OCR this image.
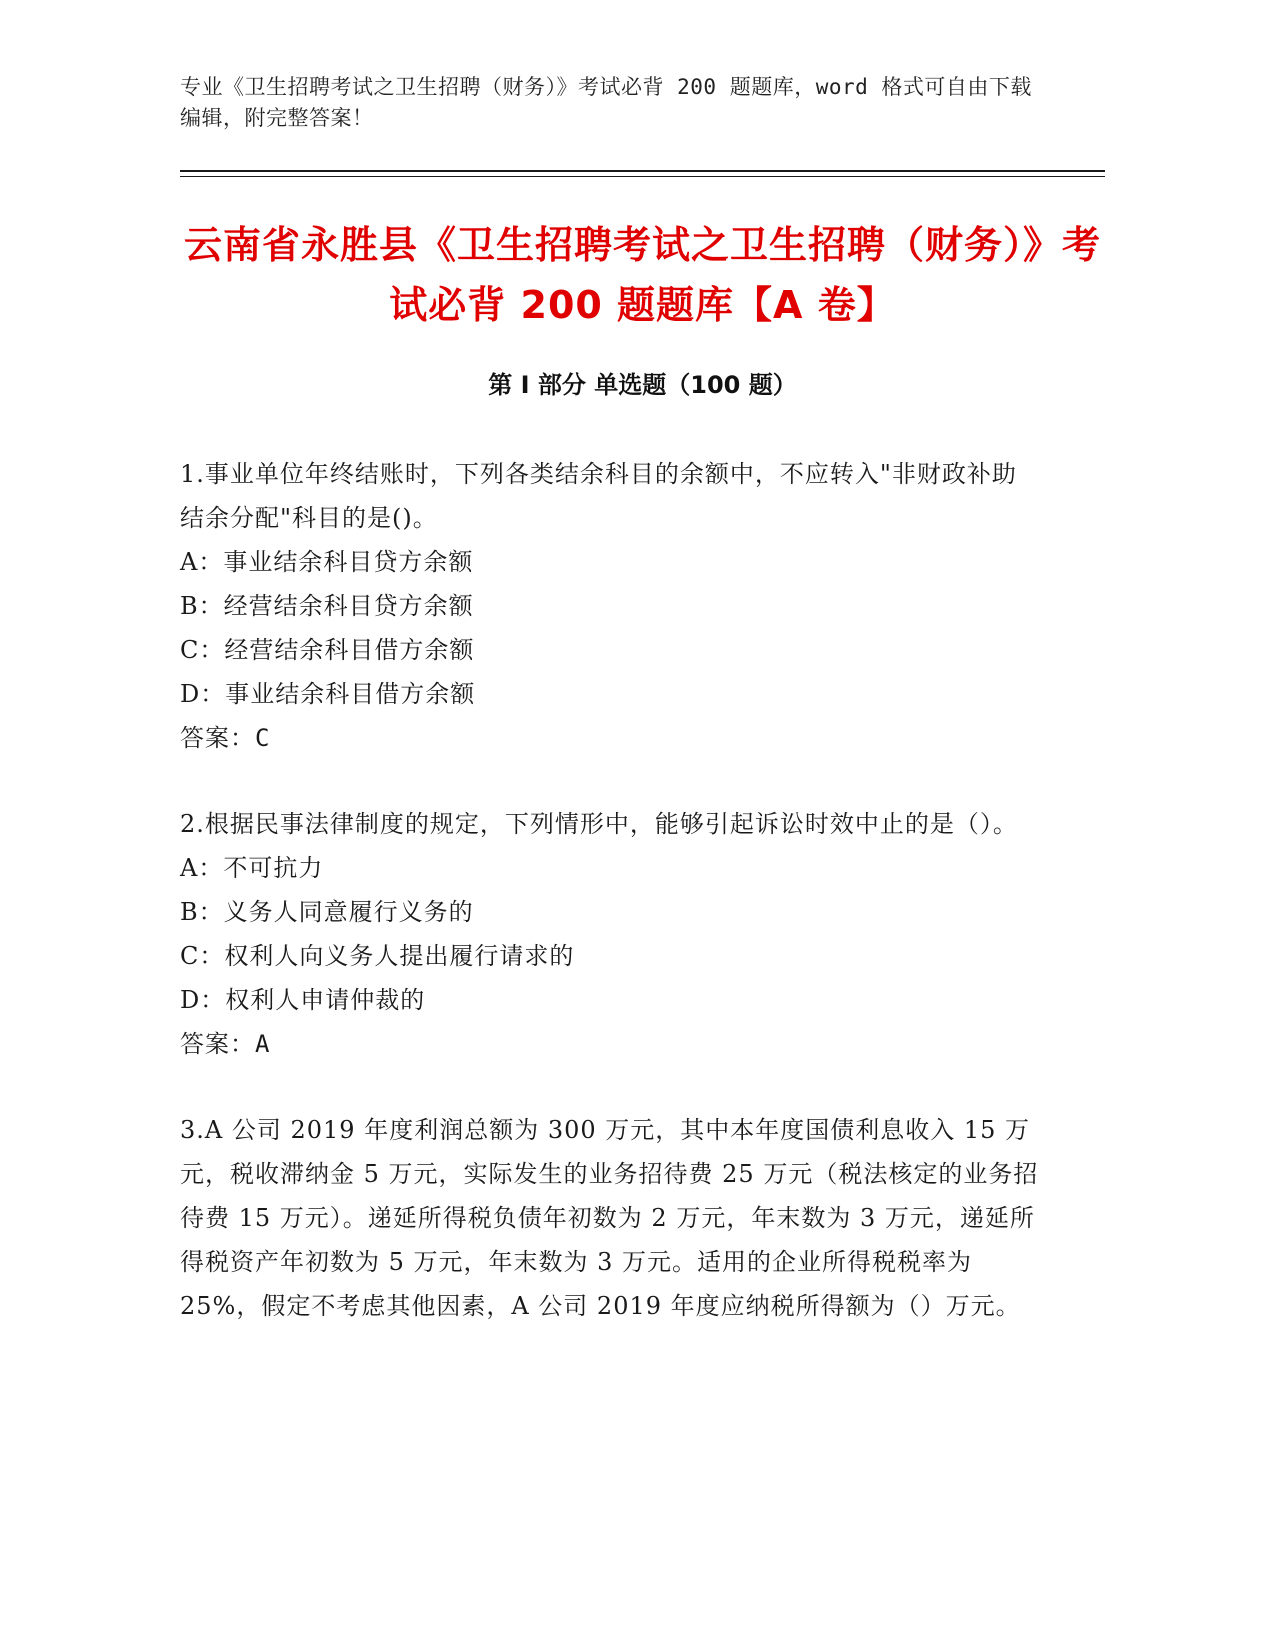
专业《卫生招聘考试之卫生招聘（财务）》考试必背 200 题题库，word 格式可自由下载编辑，附完整答案！
云南省永胜县《卫生招聘考试之卫生招聘（财务）》考试必背 200 题题库【A 卷】
第 I 部分 单选题（100 题）
1.事业单位年终结账时，下列各类结余科目的余额中，不应转入"非财政补助结余分配"科目的是()。
A：事业结余科目贷方余额
B：经营结余科目贷方余额
C：经营结余科目借方余额
D：事业结余科目借方余额
答案：C
2.根据民事法律制度的规定，下列情形中，能够引起诉讼时效中止的是（）。
A：不可抗力
B：义务人同意履行义务的
C：权利人向义务人提出履行请求的
D：权利人申请仲裁的
答案：A
3.A 公司 2019 年度利润总额为 300 万元，其中本年度国债利息收入 15 万元，税收滞纳金 5 万元，实际发生的业务招待费 25 万元（税法核定的业务招待费 15 万元）。递延所得税负债年初数为 2 万元，年末数为 3 万元，递延所得税资产年初数为 5 万元，年末数为 3 万元。适用的企业所得税税率为 25%，假定不考虑其他因素，A 公司 2019 年度应纳税所得额为（）万元。
